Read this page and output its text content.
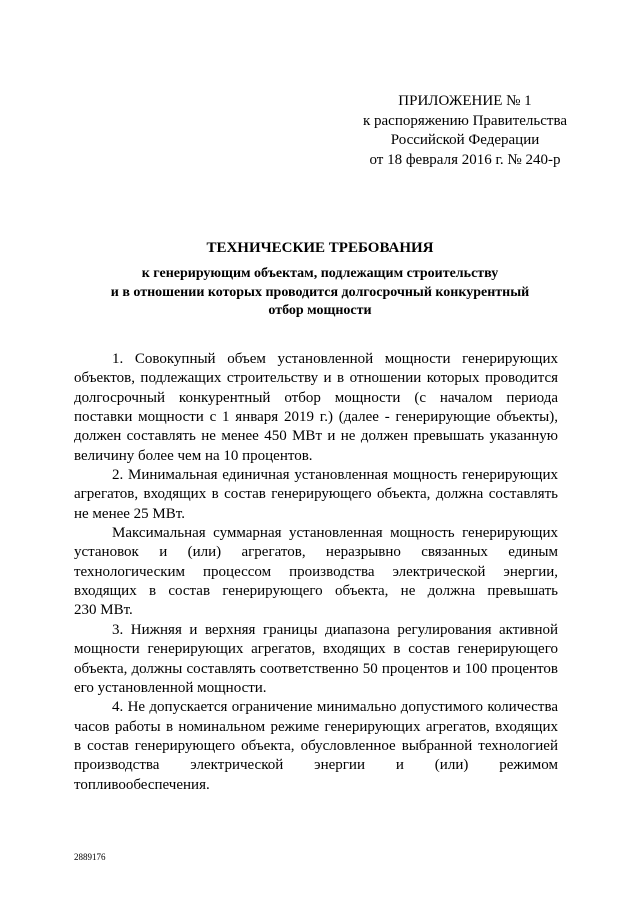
ПРИЛОЖЕНИЕ № 1
к распоряжению Правительства
Российской Федерации
от 18 февраля 2016 г. № 240-р
ТЕХНИЧЕСКИЕ ТРЕБОВАНИЯ
к генерирующим объектам, подлежащим строительству
и в отношении которых проводится долгосрочный конкурентный
отбор мощности

1. Совокупный объем установленной мощности генерирующих
объектов, подлежащих строительству и в отношении которых проводится
долгосрочный конкурентный отбор мощности (с началом периода
поставки мощности с 1 января 2019 г.) (далее - генерирующие объекты),
должен составлять не менее 450 МВт и не должен превышать указанную
величину более чем на 10 процентов.

2. Минимальная единичная установленная мощность генерирующих
агрегатов, входящих в состав генерирующего объекта, должна составлять
не менее 25 МВт.

Максимальная суммарная установленная мощность генерирующих
установок и (или) агрегатов, неразрывно связанных единым
технологическим процессом производства электрической энергии,
входящих в состав генерирующего объекта, не должна превышать
230 МВт.

3. Нижняя и верхняя границы диапазона регулирования активной
мощности генерирующих агрегатов, входящих в состав генерирующего
объекта, должны составлять соответственно 50 процентов и 100 процентов
его установленной мощности.

4. Не допускается ограничение минимально допустимого количества
часов работы в номинальном режиме генерирующих агрегатов, входящих
в состав генерирующего объекта, обусловленное выбранной технологией
производства электрической энергии и (или) режимом
топливообеспечения.

2889176
